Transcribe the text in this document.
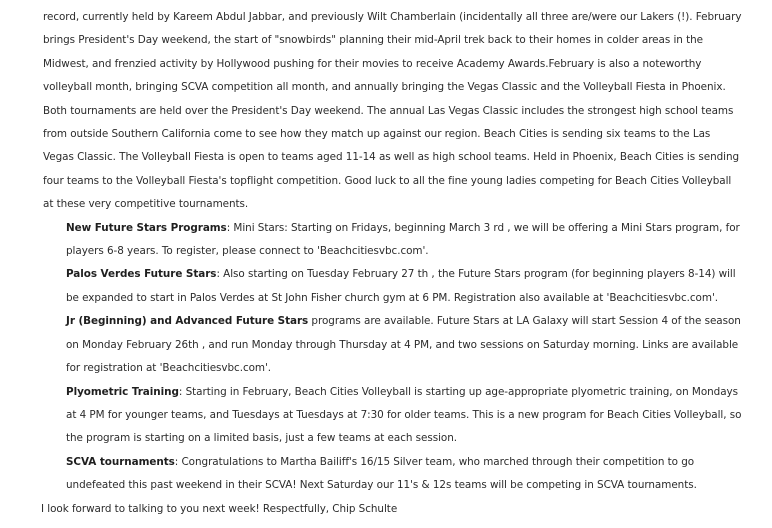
record, currently held by Kareem Abdul Jabbar, and previously Wilt Chamberlain (incidentally all three are/were our Lakers (!). February brings President's Day weekend, the start of "snowbirds" planning their mid-April trek back to their homes in colder areas in the Midwest, and frenzied activity by Hollywood pushing for their movies to receive Academy Awards.February is also a noteworthy volleyball month, bringing SCVA competition all month, and annually bringing the Vegas Classic and the Volleyball Fiesta in Phoenix. Both tournaments are held over the President's Day weekend. The annual Las Vegas Classic includes the strongest high school teams from outside Southern California come to see how they match up against our region. Beach Cities is sending six teams to the Las Vegas Classic. The Volleyball Fiesta is open to teams aged 11-14 as well as high school teams. Held in Phoenix, Beach Cities is sending four teams to the Volleyball Fiesta's topflight competition. Good luck to all the fine young ladies competing for Beach Cities Volleyball at these very competitive tournaments.

New Future Stars Programs: Mini Stars: Starting on Fridays, beginning March 3 rd , we will be offering a Mini Stars program, for players 6-8 years. To register, please connect to 'Beachcitiesvbc.com'.

Palos Verdes Future Stars: Also starting on Tuesday February 27 th , the Future Stars program (for beginning players 8-14) will be expanded to start in Palos Verdes at St John Fisher church gym at 6 PM. Registration also available at 'Beachcitiesvbc.com'.

Jr (Beginning) and Advanced Future Stars programs are available. Future Stars at LA Galaxy will start Session 4 of the season on Monday February 26th , and run Monday through Thursday at 4 PM, and two sessions on Saturday morning. Links are available for registration at 'Beachcitiesvbc.com'.

Plyometric Training: Starting in February, Beach Cities Volleyball is starting up age-appropriate plyometric training, on Mondays at 4 PM for younger teams, and Tuesdays at Tuesdays at 7:30 for older teams. This is a new program for Beach Cities Volleyball, so the program is starting on a limited basis, just a few teams at each session.

SCVA tournaments: Congratulations to Martha Bailiff's 16/15 Silver team, who marched through their competition to go undefeated this past weekend in their SCVA! Next Saturday our 11's & 12s teams will be competing in SCVA tournaments.

I look forward to talking to you next week! Respectfully, Chip Schulte
